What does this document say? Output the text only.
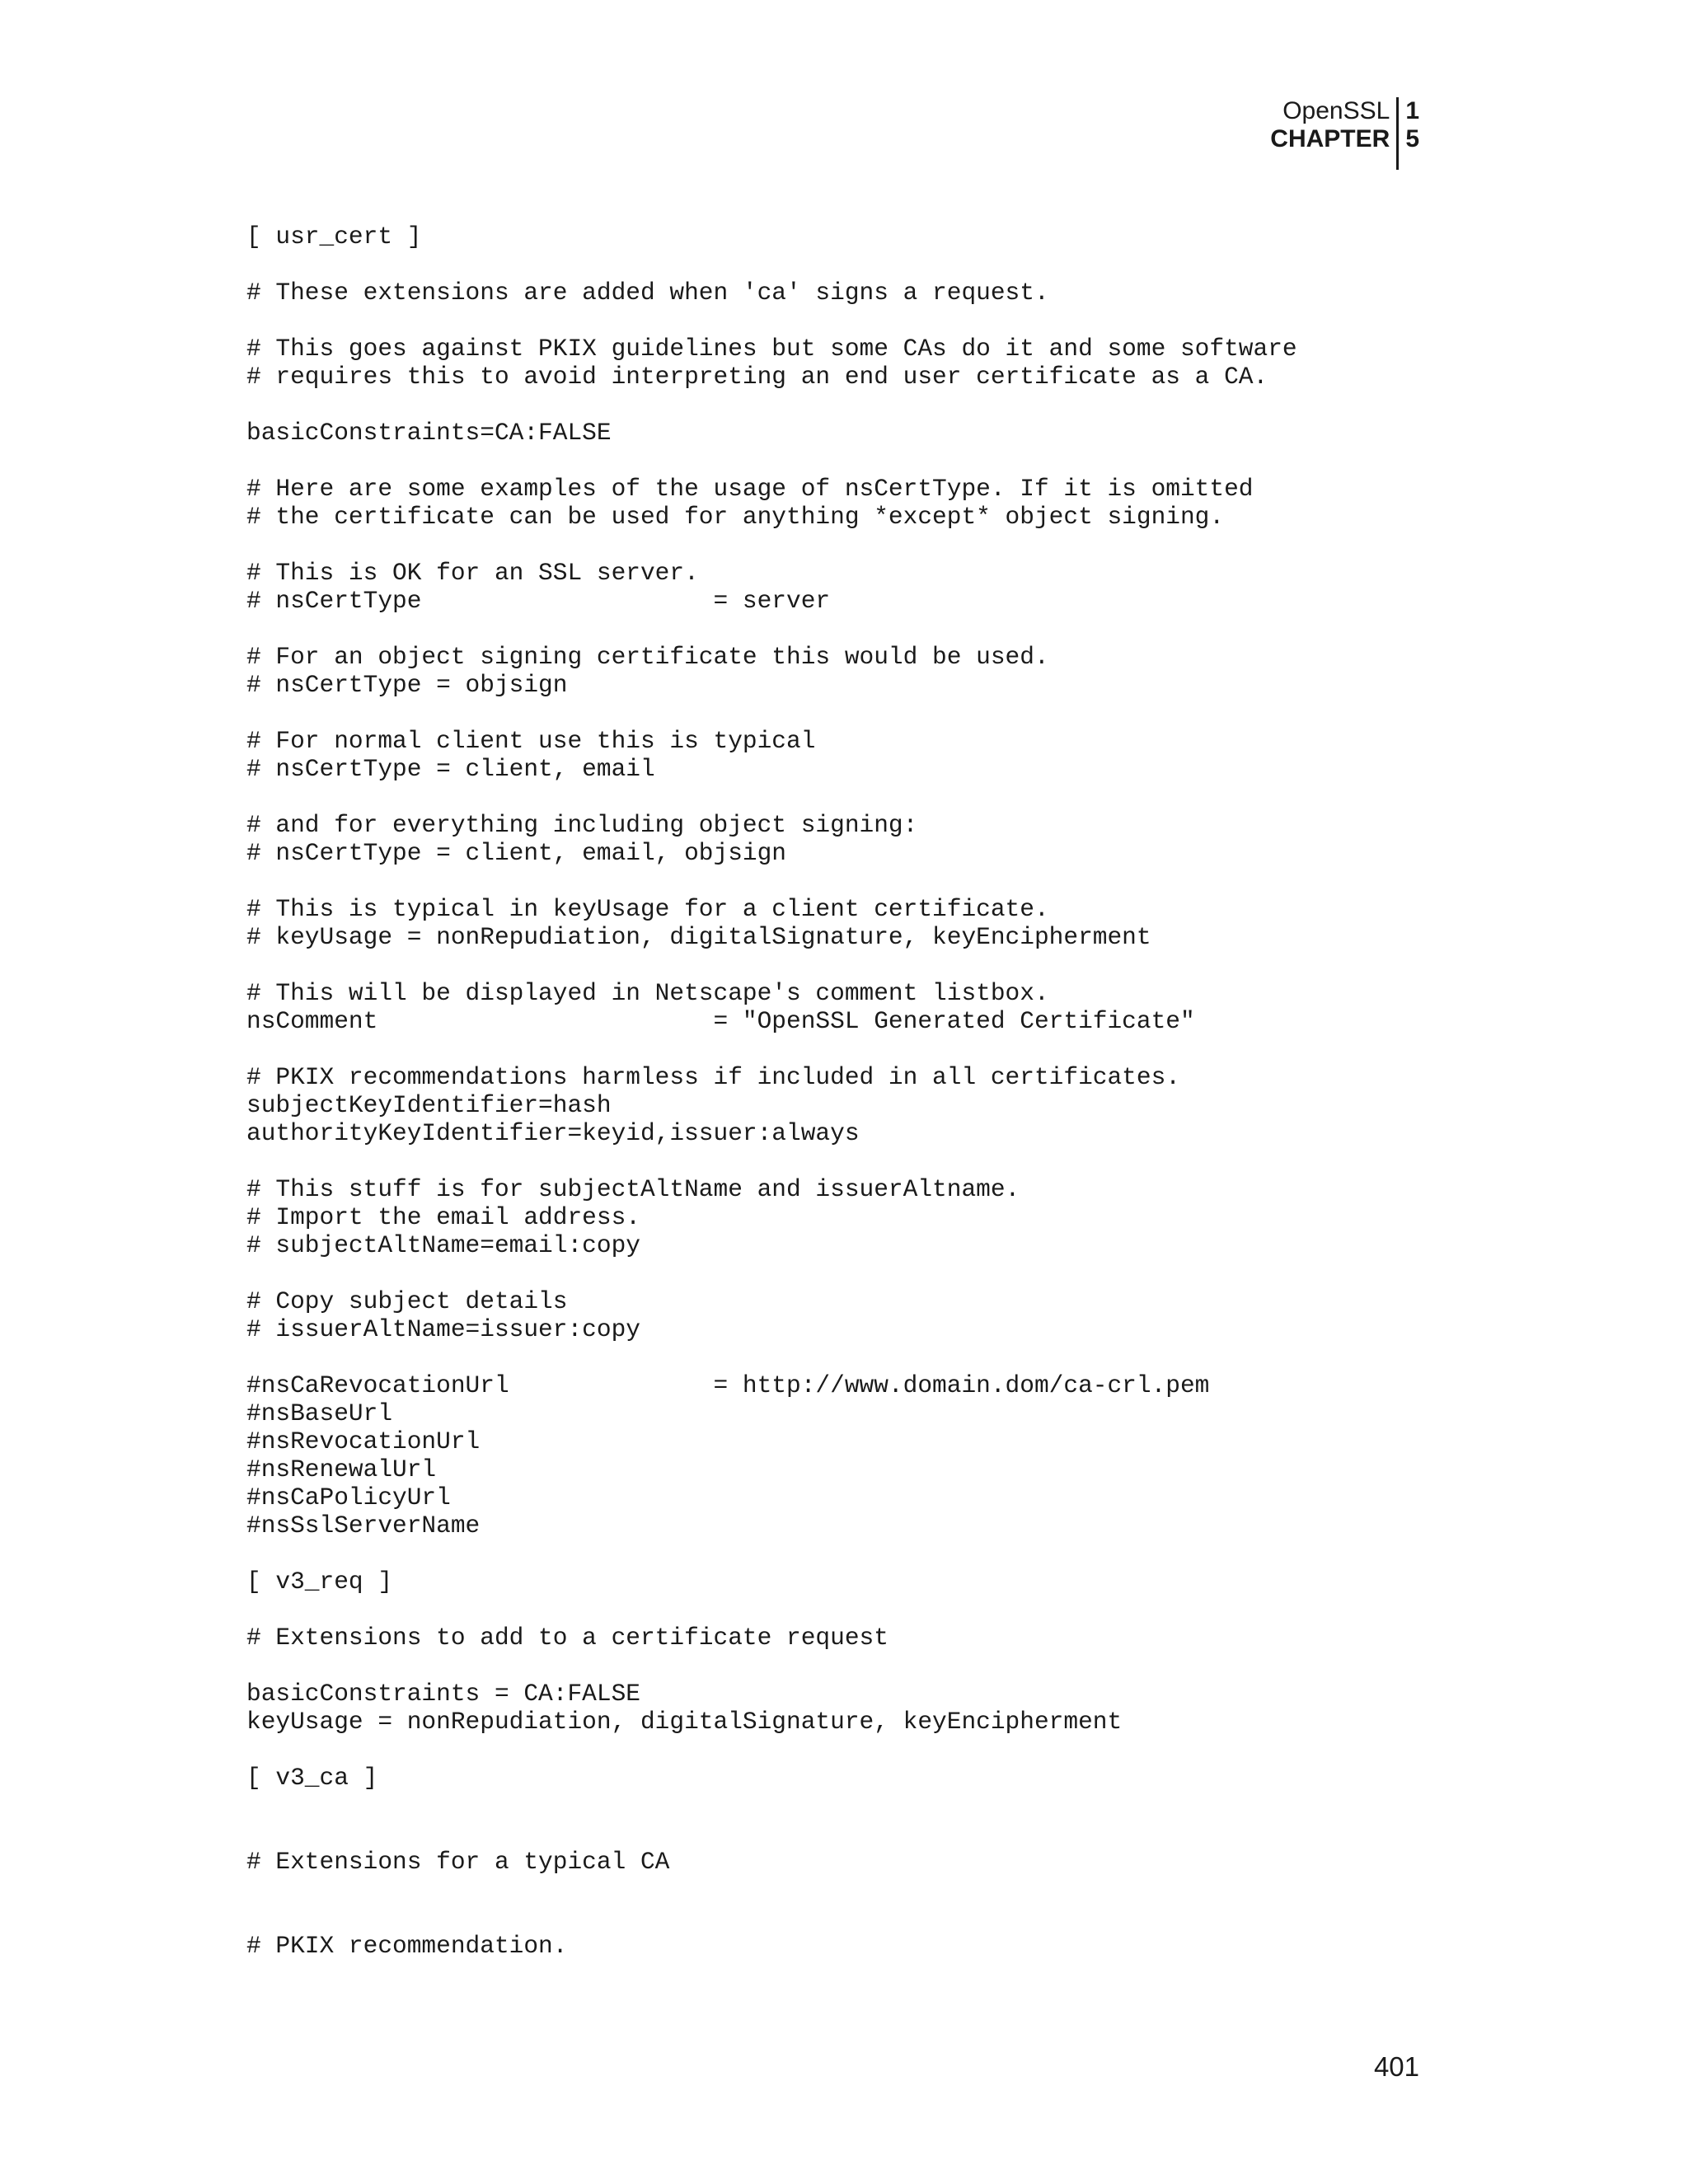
OpenSSL
CHAPTER
1
5
[ usr_cert ]
# These extensions are added when 'ca' signs a request.
# This goes against PKIX guidelines but some CAs do it and some software
# requires this to avoid interpreting an end user certificate as a CA.
basicConstraints=CA:FALSE
# Here are some examples of the usage of nsCertType. If it is omitted
# the certificate can be used for anything *except* object signing.
# This is OK for an SSL server.
# nsCertType                    = server
# For an object signing certificate this would be used.
# nsCertType = objsign
# For normal client use this is typical
# nsCertType = client, email
# and for everything including object signing:
# nsCertType = client, email, objsign
# This is typical in keyUsage for a client certificate.
# keyUsage = nonRepudiation, digitalSignature, keyEncipherment
# This will be displayed in Netscape's comment listbox.
nsComment                       = "OpenSSL Generated Certificate"
# PKIX recommendations harmless if included in all certificates.
subjectKeyIdentifier=hash
authorityKeyIdentifier=keyid,issuer:always
# This stuff is for subjectAltName and issuerAltname.
# Import the email address.
# subjectAltName=email:copy
# Copy subject details
# issuerAltName=issuer:copy
#nsCaRevocationUrl              = http://www.domain.dom/ca-crl.pem
#nsBaseUrl
#nsRevocationUrl
#nsRenewalUrl
#nsCaPolicyUrl
#nsSslServerName
[ v3_req ]
# Extensions to add to a certificate request
basicConstraints = CA:FALSE
keyUsage = nonRepudiation, digitalSignature, keyEncipherment
[ v3_ca ]
# Extensions for a typical CA
# PKIX recommendation.
401
